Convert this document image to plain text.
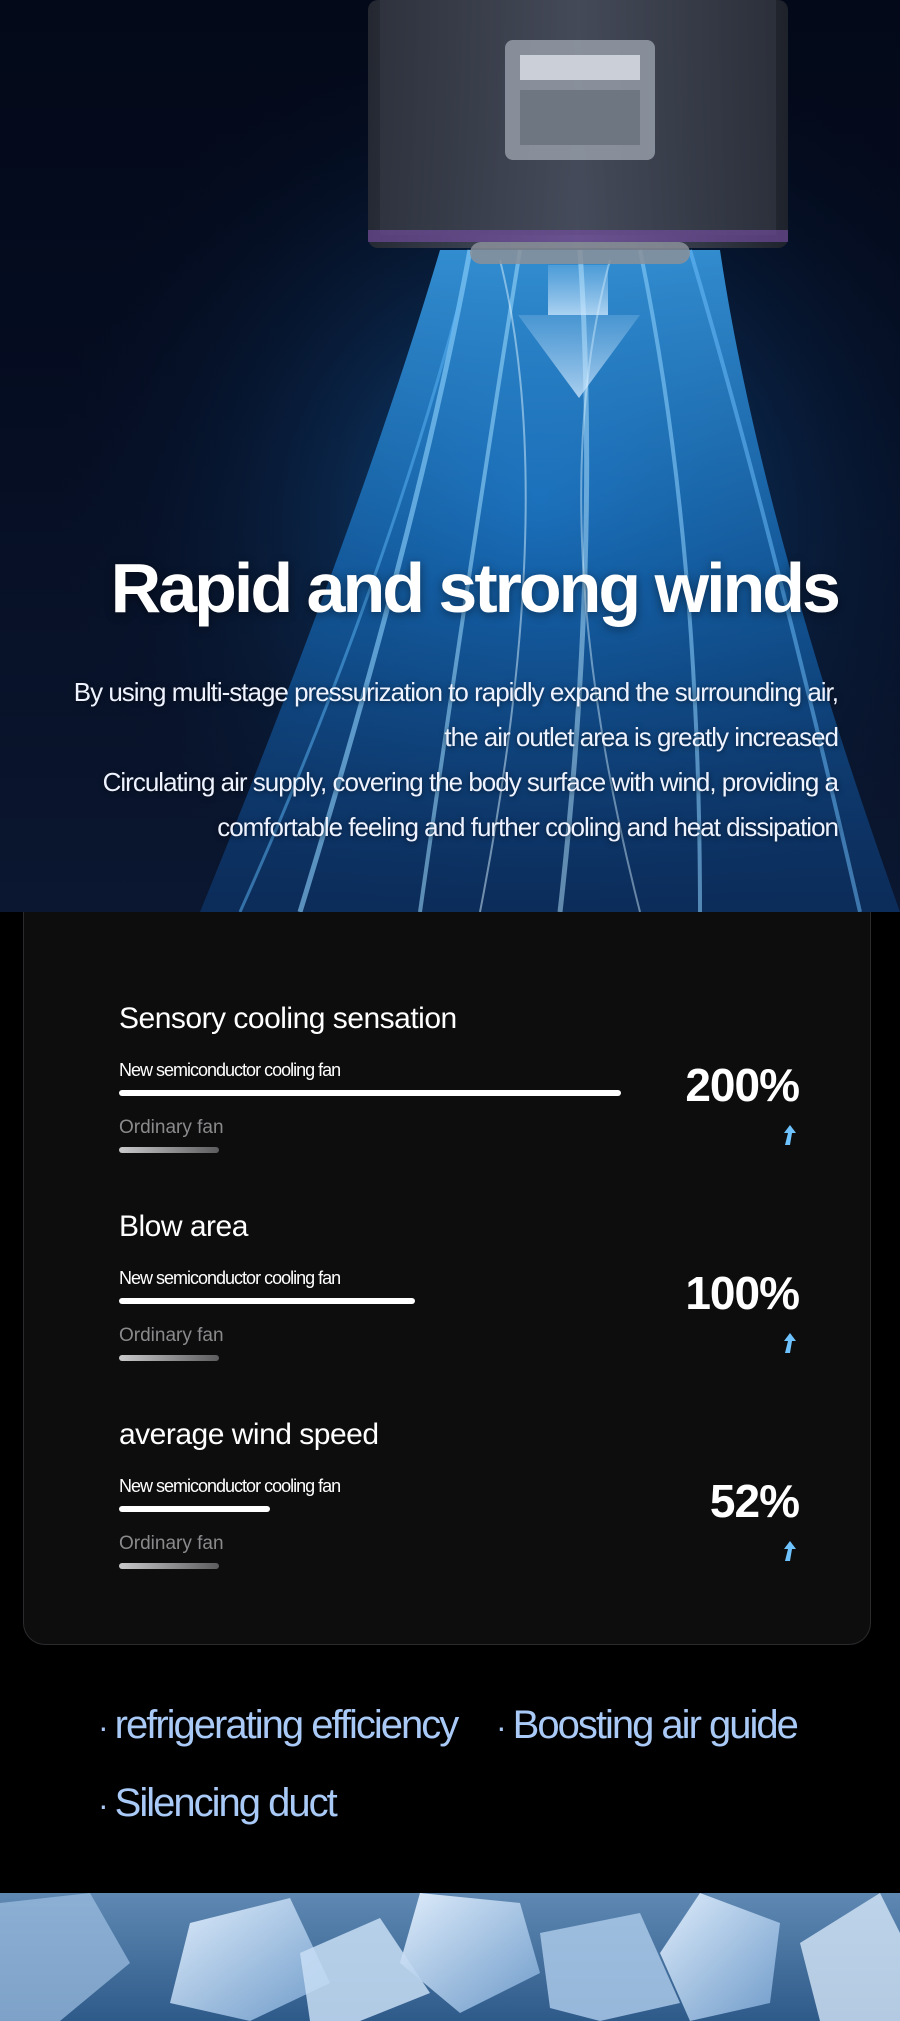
Rapid and strong winds
By using multi-stage pressurization to rapidly expand the surrounding air,
the air outlet area is greatly increased
Circulating air supply, covering the body surface with wind, providing a
comfortable feeling and further cooling and heat dissipation
Sensory cooling sensation
New semiconductor cooling fan
Ordinary fan
200%
Blow area
New semiconductor cooling fan
Ordinary fan
100%
average wind speed
New semiconductor cooling fan
Ordinary fan
52%
· refrigerating efficiency · Boosting air guide
· Silencing duct
